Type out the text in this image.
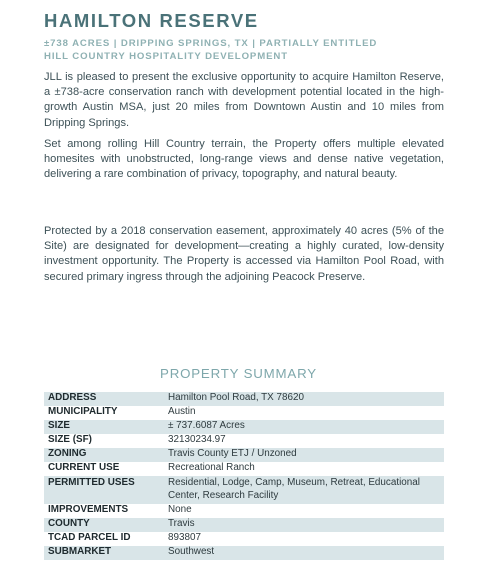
HAMILTON RESERVE
±738 ACRES | DRIPPING SPRINGS, TX | PARTIALLY ENTITLED
HILL COUNTRY HOSPITALITY DEVELOPMENT

JLL is pleased to present the exclusive opportunity to acquire Hamilton Reserve, a ±738-acre conservation ranch with development potential located in the high-growth Austin MSA, just 20 miles from Downtown Austin and 10 miles from Dripping Springs.

Set among rolling Hill Country terrain, the Property offers multiple elevated homesites with unobstructed, long-range views and dense native vegetation, delivering a rare combination of privacy, topography, and natural beauty.

Protected by a 2018 conservation easement, approximately 40 acres (5% of the Site) are designated for development—creating a highly curated, low-density investment opportunity. The Property is accessed via Hamilton Pool Road, with secured primary ingress through the adjoining Peacock Preserve.

PROPERTY SUMMARY
ADDRESS	Hamilton Pool Road, TX 78620
MUNICIPALITY	Austin
SIZE	± 737.6087 Acres
SIZE (SF)	32130234.97
ZONING	Travis County ETJ / Unzoned
CURRENT USE	Recreational Ranch
PERMITTED USES	Residential, Lodge, Camp, Museum, Retreat, Educational Center, Research Facility
IMPROVEMENTS	None
COUNTY	Travis
TCAD PARCEL ID	893807
SUBMARKET	Southwest
